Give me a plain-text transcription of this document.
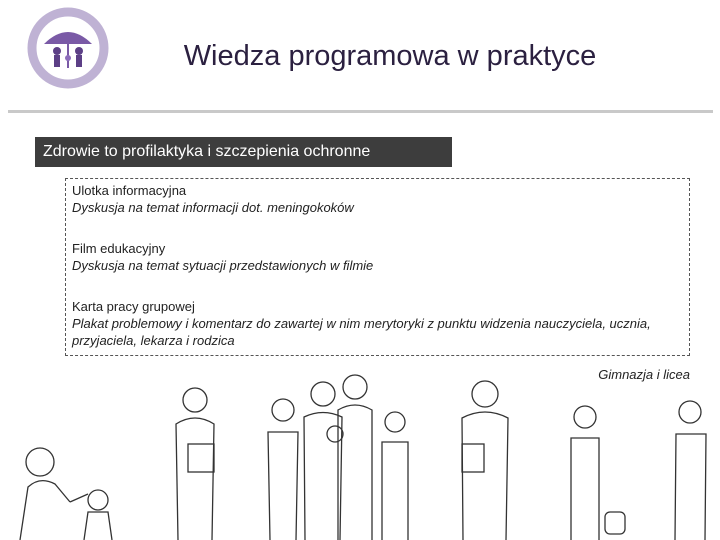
Wiedza programowa w praktyce
Zdrowie to profilaktyka i szczepienia ochronne
Ulotka informacyjna
Dyskusja na temat informacji dot. meningokoków
Film edukacyjny
Dyskusja na temat sytuacji przedstawionych w filmie
Karta pracy grupowej
Plakat problemowy i komentarz do zawartej w nim merytoryki z punktu widzenia nauczyciela, ucznia, przyjaciela, lekarza i rodzica
Gimnazja i licea
